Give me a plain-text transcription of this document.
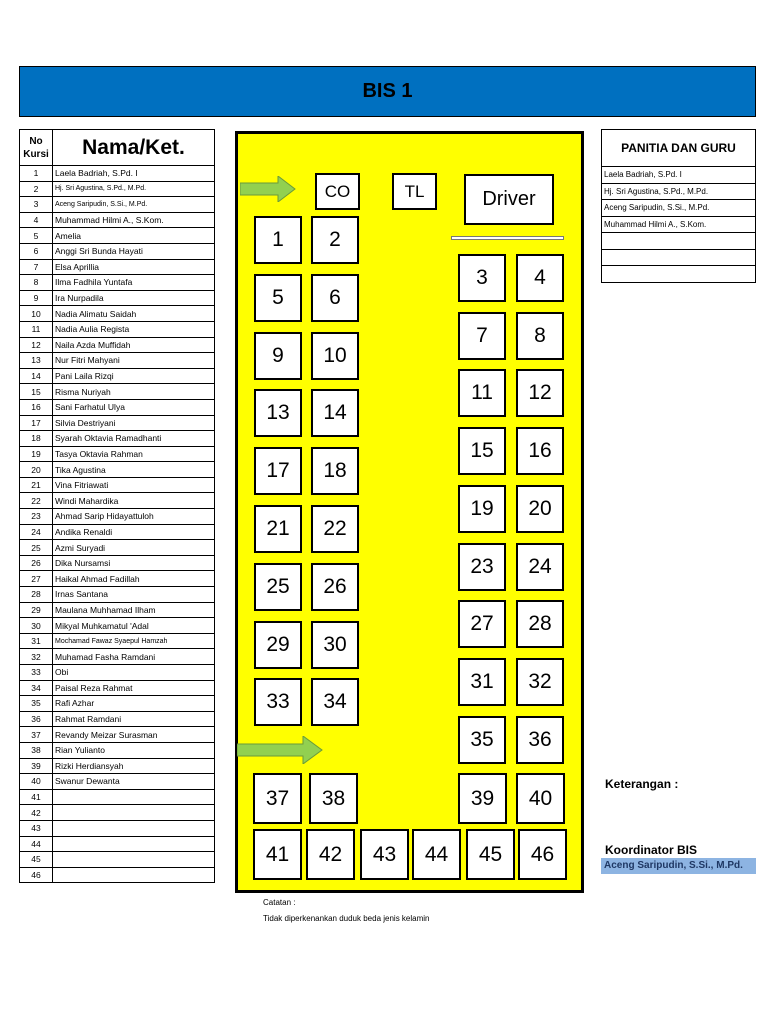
BIS 1
No Kursi	Nama/Ket.
1	Laela Badriah, S.Pd. I
2	Hj. Sri Agustina, S.Pd., M.Pd.
3	Aceng Saripudin, S.Si., M.Pd.
4	Muhammad Hilmi A., S.Kom.
5	Amelia
6	Anggi Sri Bunda Hayati
7	Elsa Aprillia
8	Ilma Fadhila Yuntafa
9	Ira Nurpadila
10	Nadia Alimatu Saidah
11	Nadia Aulia Regista
12	Naila Azda Muffidah
13	Nur Fitri Mahyani
14	Pani Laila Rizqi
15	Risma Nuriyah
16	Sani Farhatul Ulya
17	Silvia Destriyani
18	Syarah Oktavia Ramadhanti
19	Tasya Oktavia Rahman
20	Tika Agustina
21	Vina Fitriawati
22	Windi Mahardika
23	Ahmad Sarip Hidayattuloh
24	Andika Renaldi
25	Azmi Suryadi
26	Dika Nursamsi
27	Haikal Ahmad Fadillah
28	Irnas Santana
29	Maulana Muhhamad Ilham
30	Mikyal Muhkamatul 'Adal
31	Mochamad Fawaz Syaepul Hamzah
32	Muhamad Fasha Ramdani
33	Obi
34	Paisal Reza Rahmat
35	Rafi Azhar
36	Rahmat Ramdani
37	Revandy Meizar Surasman
38	Rian Yulianto
39	Rizki Herdiansyah
40	Swanur Dewanta
41	
42	
43	
44	
45	
46	
CO	TL	Driver
1 2
3 4
5 6
7 8
9 10
11 12
13 14
15 16
17 18
19 20
21 22
23 24
25 26
27 28
29 30
31 32
33 34
35 36
37 38	39 40
41 42 43 44 45 46
PANITIA DAN GURU
Laela Badriah, S.Pd. I
Hj. Sri Agustina, S.Pd., M.Pd.
Aceng Saripudin, S.Si., M.Pd.
Muhammad Hilmi A., S.Kom.

Keterangan :
Koordinator BIS
Aceng Saripudin, S.Si., M.Pd.
Catatan :
Tidak diperkenankan duduk beda jenis kelamin
